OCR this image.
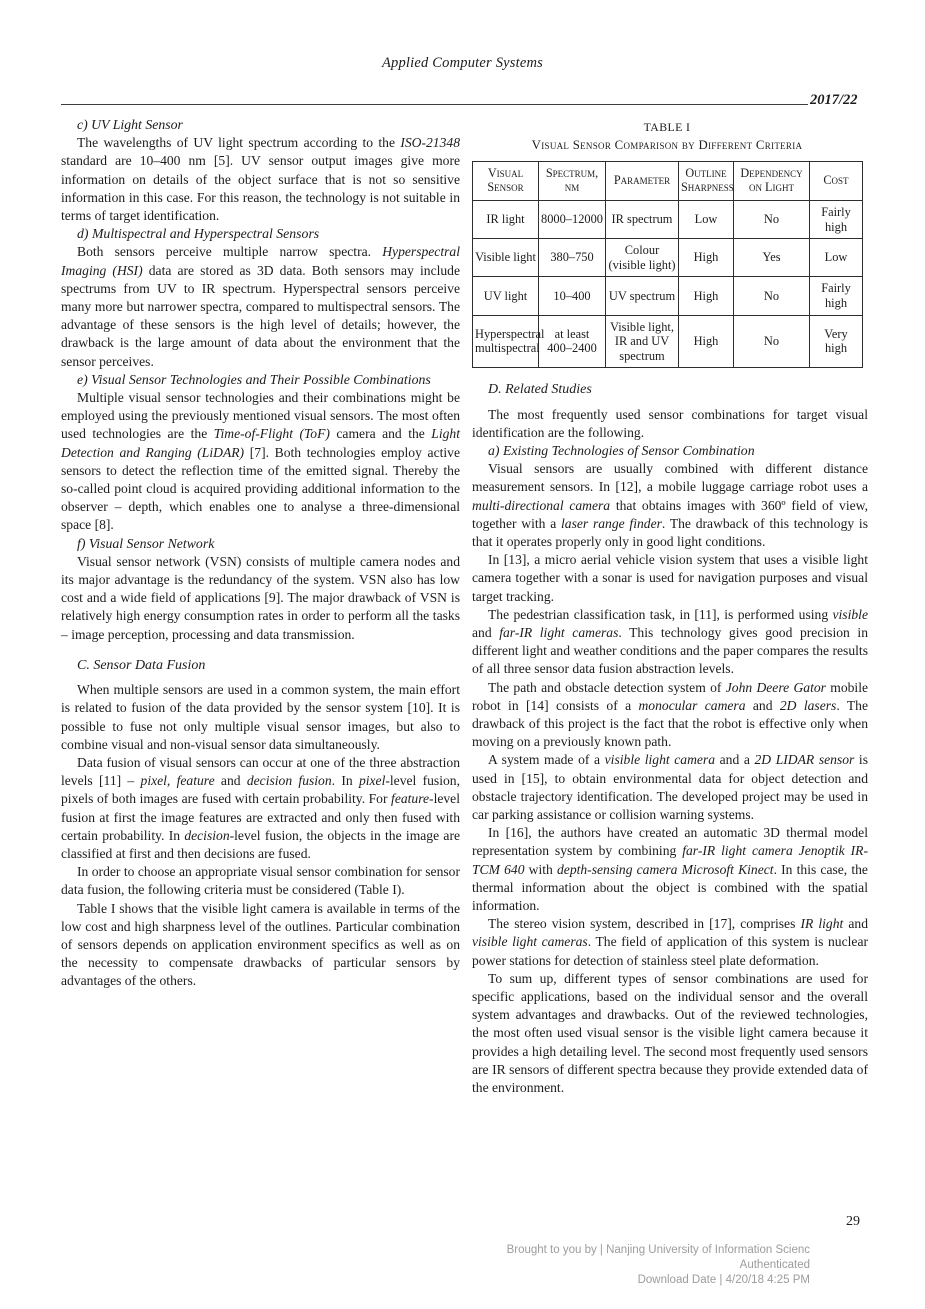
Applied Computer Systems
2017/22
c) UV Light Sensor

The wavelengths of UV light spectrum according to the ISO-21348 standard are 10–400 nm [5]. UV sensor output images give more information on details of the object surface that is not so sensitive information in this case. For this reason, the technology is not suitable in terms of target identification.

d) Multispectral and Hyperspectral Sensors

Both sensors perceive multiple narrow spectra. Hyperspectral Imaging (HSI) data are stored as 3D data. Both sensors may include spectrums from UV to IR spectrum. Hyperspectral sensors perceive many more but narrower spectra, compared to multispectral sensors. The advantage of these sensors is the high level of details; however, the drawback is the large amount of data about the environment that the sensor perceives.

e) Visual Sensor Technologies and Their Possible Combinations

Multiple visual sensor technologies and their combinations might be employed using the previously mentioned visual sensors. The most often used technologies are the Time-of-Flight (ToF) camera and the Light Detection and Ranging (LiDAR) [7]. Both technologies employ active sensors to detect the reflection time of the emitted signal. Thereby the so-called point cloud is acquired providing additional information to the observer – depth, which enables one to analyse a three-dimensional space [8].

f) Visual Sensor Network

Visual sensor network (VSN) consists of multiple camera nodes and its major advantage is the redundancy of the system. VSN also has low cost and a wide field of applications [9]. The major drawback of VSN is relatively high energy consumption rates in order to perform all the tasks – image perception, processing and data transmission.

C. Sensor Data Fusion

When multiple sensors are used in a common system, the main effort is related to fusion of the data provided by the sensor system [10]. It is possible to fuse not only multiple visual sensor images, but also to combine visual and non-visual sensor data simultaneously.

Data fusion of visual sensors can occur at one of the three abstraction levels [11] – pixel, feature and decision fusion. In pixel-level fusion, pixels of both images are fused with certain probability. For feature-level fusion at first the image features are extracted and only then fused with certain probability. In decision-level fusion, the objects in the image are classified at first and then decisions are fused.

In order to choose an appropriate visual sensor combination for sensor data fusion, the following criteria must be considered (Table I).

Table I shows that the visible light camera is available in terms of the low cost and high sharpness level of the outlines. Particular combination of sensors depends on application environment specifics as well as on the necessity to compensate drawbacks of particular sensors by advantages of the others.

TABLE I
Visual Sensor Comparison by Different Criteria
Visual Sensor	Spectrum, nm	Parameter	Outline Sharpness	Dependency on Light	Cost
IR light	8000–12000	IR spectrum	Low	No	Fairly high
Visible light	380–750	Colour (visible light)	High	Yes	Low
UV light	10–400	UV spectrum	High	No	Fairly high
Hyperspectral multispectral	at least 400–2400	Visible light, IR and UV spectrum	High	No	Very high
D. Related Studies

The most frequently used sensor combinations for target visual identification are the following.

a) Existing Technologies of Sensor Combination

Visual sensors are usually combined with different distance measurement sensors. In [12], a mobile luggage carriage robot uses a multi-directional camera that obtains images with 360º field of view, together with a laser range finder. The drawback of this technology is that it operates properly only in good light conditions.

In [13], a micro aerial vehicle vision system that uses a visible light camera together with a sonar is used for navigation purposes and visual target tracking.

The pedestrian classification task, in [11], is performed using visible and far-IR light cameras. This technology gives good precision in different light and weather conditions and the paper compares the results of all three sensor data fusion abstraction levels.

The path and obstacle detection system of John Deere Gator mobile robot in [14] consists of a monocular camera and 2D lasers. The drawback of this project is the fact that the robot is effective only when moving on a previously known path.

A system made of a visible light camera and a 2D LIDAR sensor is used in [15], to obtain environmental data for object detection and obstacle trajectory identification. The developed project may be used in car parking assistance or collision warning systems.

In [16], the authors have created an automatic 3D thermal model representation system by combining far-IR light camera Jenoptik IR-TCM 640 with depth-sensing camera Microsoft Kinect. In this case, the thermal information about the object is combined with the spatial information.

The stereo vision system, described in [17], comprises IR light and visible light cameras. The field of application of this system is nuclear power stations for detection of stainless steel plate deformation.

To sum up, different types of sensor combinations are used for specific applications, based on the individual sensor and the overall system advantages and drawbacks. Out of the reviewed technologies, the most often used visual sensor is the visible light camera because it provides a high detailing level. The second most frequently used sensors are IR sensors of different spectra because they provide extended data of the environment.

29
Brought to you by | Nanjing University of Information Scienc
Authenticated
Download Date | 4/20/18 4:25 PM
